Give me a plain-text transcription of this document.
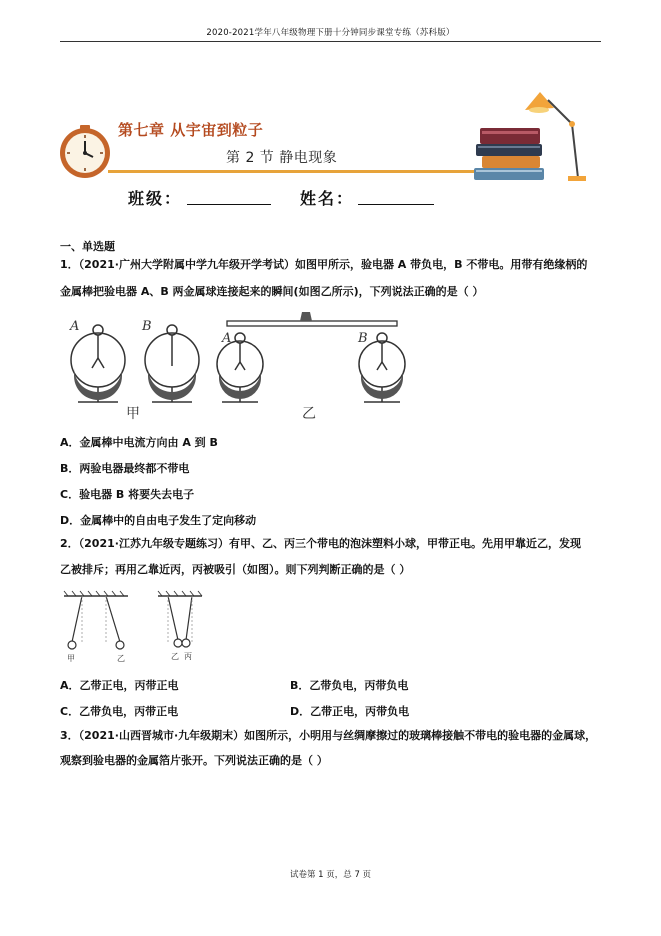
2020-2021学年八年级物理下册十分钟同步课堂专练（苏科版）
第七章 从宇宙到粒子
第 2 节 静电现象
班级：	姓名：
一、单选题
1．（2021·广州大学附属中学九年级开学考试）如图甲所示，验电器 A 带负电，B 不带电。用带有绝缘柄的
金属棒把验电器 A、B 两金属球连接起来的瞬间(如图乙所示)，下列说法正确的是（ ）
A	B
A	B
甲	乙
A．金属棒中电流方向由 A 到 B
B．两验电器最终都不带电
C．验电器 B 将要失去电子
D．金属棒中的自由电子发生了定向移动
2．（2021·江苏九年级专题练习）有甲、乙、丙三个带电的泡沫塑料小球，甲带正电。先用甲靠近乙，发现
乙被排斥；再用乙靠近丙，丙被吸引（如图）。则下列判断正确的是（ ）
甲	乙	乙 丙
A．乙带正电，丙带正电	B．乙带负电，丙带负电
C．乙带负电，丙带正电	D．乙带正电，丙带负电
3．（2021·山西晋城市·九年级期末）如图所示，小明用与丝绸摩擦过的玻璃棒接触不带电的验电器的金属球，
观察到验电器的金属箔片张开。下列说法正确的是（ ）
试卷第 1 页，总 7 页
